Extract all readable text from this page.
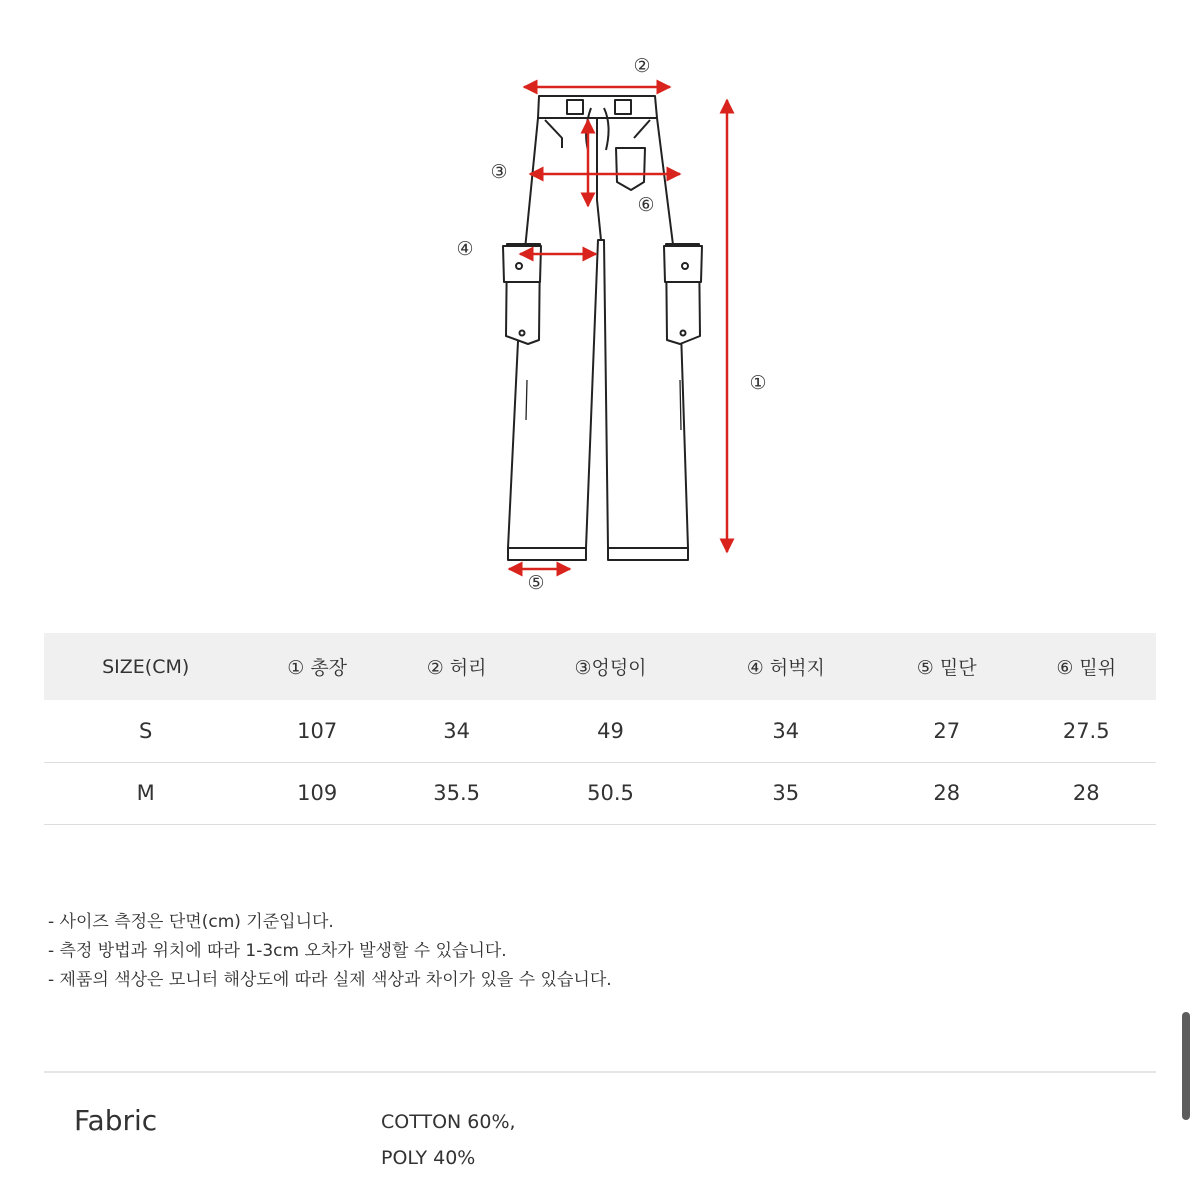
①
②
③
④
⑤
⑥
SIZE(CM)	① 총장	② 허리	③엉덩이	④ 허벅지	⑤ 밑단	⑥ 밑위
S	107	34	49	34	27	27.5
M	109	35.5	50.5	35	28	28
- 사이즈 측정은 단면(cm) 기준입니다.
- 측정 방법과 위치에 따라 1-3cm 오차가 발생할 수 있습니다.
- 제품의 색상은 모니터 해상도에 따라 실제 색상과 차이가 있을 수 있습니다.
Fabric	COTTON 60%,
POLY 40%
